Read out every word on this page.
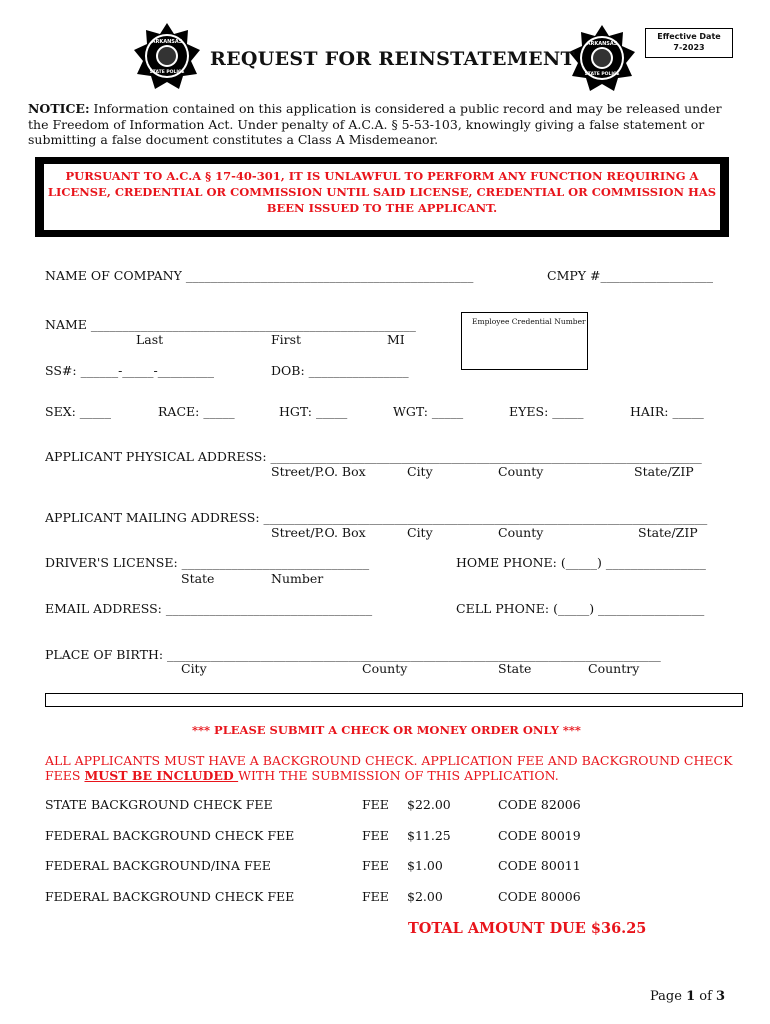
ARKANSAS
STATE POLICE
ARKANSAS
STATE POLICE
REQUEST FOR REINSTATEMENT
Effective Date
7-2023
NOTICE: Information contained on this application is considered a public record and may be released under the Freedom of Information Act. Under penalty of A.C.A. § 5-53-103, knowingly giving a false statement or submitting a false document constitutes a Class A Misdemeanor.
PURSUANT TO A.C.A § 17-40-301, IT IS UNLAWFUL TO PERFORM ANY FUNCTION REQUIRING A
LICENSE, CREDENTIAL OR COMMISSION UNTIL SAID LICENSE, CREDENTIAL OR COMMISSION HAS
BEEN ISSUED TO THE APPLICANT.
NAME OF COMPANY ______________________________________________	CMPY #__________________
NAME ____________________________________________________
Last	First	MI
Employee Credential Number
SS#: ______-_____-_________	DOB: ________________
SEX: _____	RACE: _____	HGT: _____	WGT: _____	EYES: _____	HAIR: _____
APPLICANT PHYSICAL ADDRESS: _____________________________________________________________________
Street/P.O. Box	City	County	State/ZIP
APPLICANT MAILING ADDRESS: _______________________________________________________________________
Street/P.O. Box	City	County	State/ZIP
DRIVER'S LICENSE: ______________________________	HOME PHONE: (_____) ________________
State	Number
EMAIL ADDRESS: _________________________________	CELL PHONE: (_____) _________________
PLACE OF BIRTH: _______________________________________________________________________________
City	County	State	Country
*** PLEASE SUBMIT A CHECK OR MONEY ORDER ONLY ***
ALL APPLICANTS MUST HAVE A BACKGROUND CHECK. APPLICATION FEE AND BACKGROUND CHECK
FEES MUST BE INCLUDED WITH THE SUBMISSION OF THIS APPLICATION.
STATE BACKGROUND CHECK FEE	FEE $22.00	CODE 82006
FEDERAL BACKGROUND CHECK FEE	FEE $11.25	CODE 80019
FEDERAL BACKGROUND/INA FEE	FEE $1.00	CODE 80011
FEDERAL BACKGROUND CHECK FEE	FEE $2.00	CODE 80006
TOTAL AMOUNT DUE $36.25
Page 1 of 3
